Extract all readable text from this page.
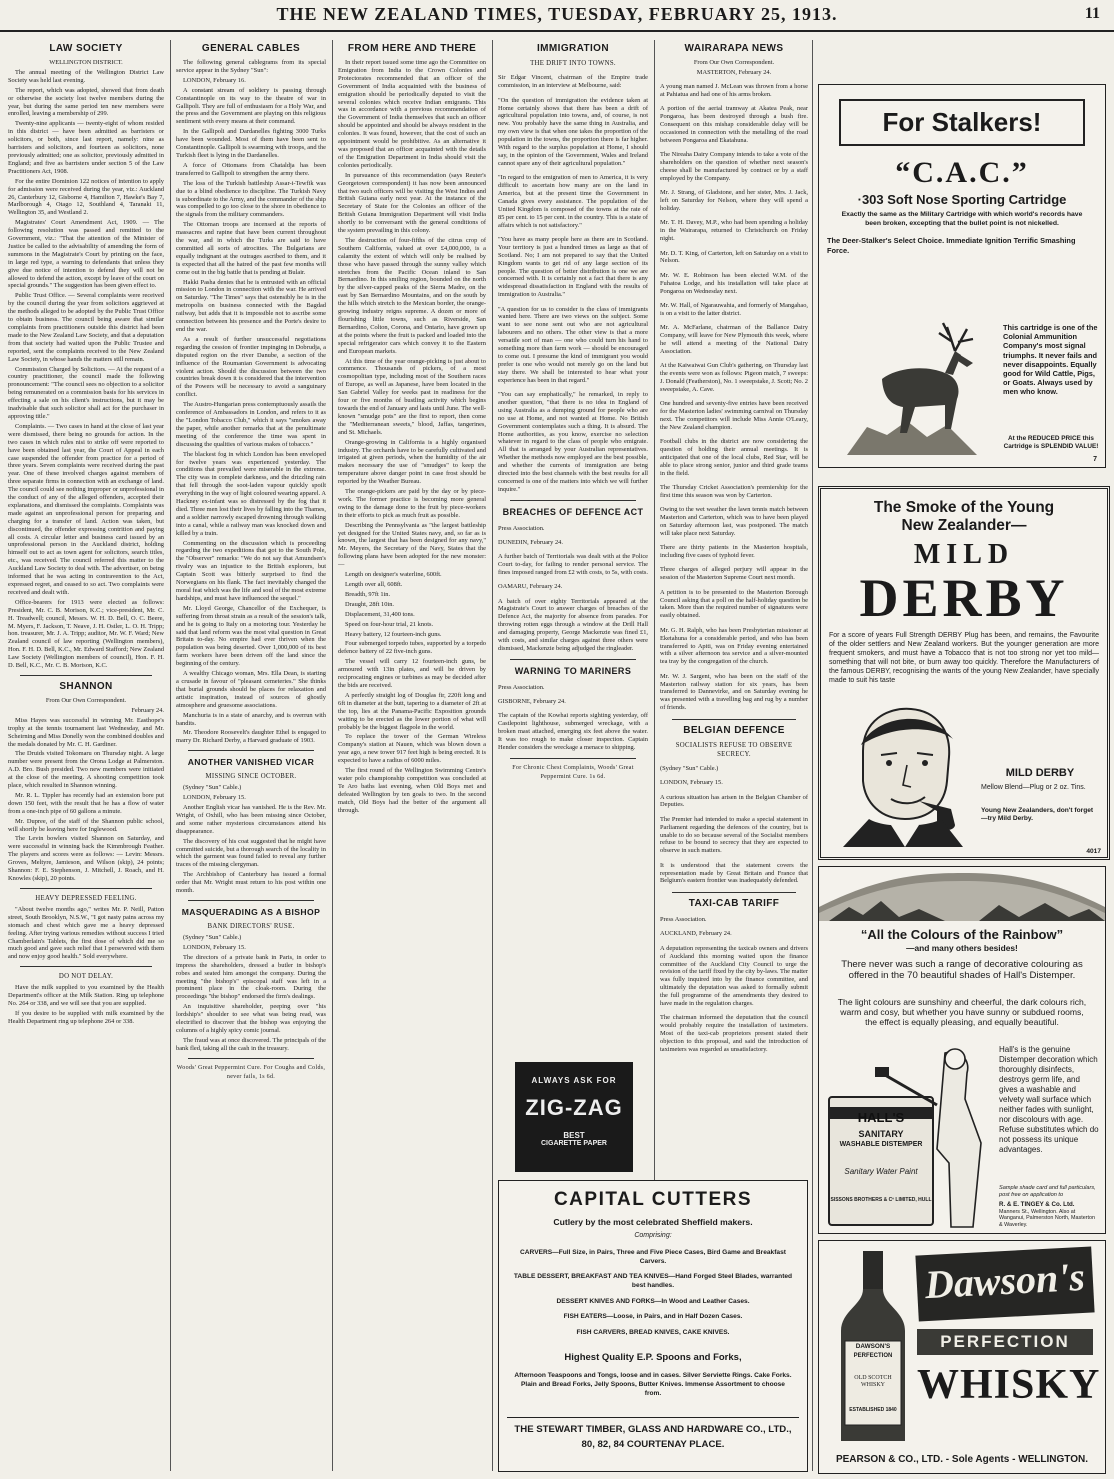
THE NEW ZEALAND TIMES, TUESDAY, FEBRUARY 25, 1913.	11
LAW SOCIETY
WELLINGTON DISTRICT.

The annual meeting of the Wellington District Law Society was held last evening.

The report, which was adopted, showed that from death or otherwise the society lost twelve members during the year, but during the same period ten new members were enrolled, leaving a membership of 299.

Twenty-nine applicants — twenty-eight of whom resided in this district — have been admitted as barristers or solicitors, or both, since last report, namely: nine as barristers and solicitors, and fourteen as solicitors, none previously admitted; one as solicitor, previously admitted in England; and five as barristers under section 5 of the Law Practitioners Act, 1908.

For the entire Dominion 122 notices of intention to apply for admission were received during the year, viz.: Auckland 26, Canterbury 12, Gisborne 4, Hamilton 7, Hawke's Bay 7, Marlborough 4, Otago 12, Southland 4, Taranaki 11, Wellington 35, and Westland 2.

Magistrates' Court Amendment Act, 1909. — The following resolution was passed and remitted to the Government, viz.: "That the attention of the Minister of Justice be called to the advisability of amending the form of summons in the Magistrate's Court by printing on the face, in large red type, a warning to defendants that unless they give due notice of intention to defend they will not be allowed to defend the action, except by leave of the court on special grounds." The suggestion has been given effect to.

Public Trust Office. — Several complaints were received by the council during the year from solicitors aggrieved at the methods alleged to be adopted by the Public Trust Office to obtain business. The council being aware that similar complaints from practitioners outside this district had been made to the New Zealand Law Society, and that a deputation from that society had waited upon the Public Trustee and reported, sent the complaints received to the New Zealand Law Society, in whose hands the matters still remain.

Commission Charged by Solicitors. — At the request of a country practitioner, the council made the following pronouncement: "The council sees no objection to a solicitor being remunerated on a commission basis for his services in effecting a sale on his client's instructions, but it may be inadvisable that such solicitor shall act for the purchaser in approving title."

Complaints. — Two cases in hand at the close of last year were dismissed, there being no grounds for action. In the two cases in which rules nisi to strike off were reported to have been obtained last year, the Court of Appeal in each case suspended the offender from practice for a period of three years. Seven complaints were received during the past year. One of these involved charges against members of three separate firms in connection with an exchange of land. The council could see nothing improper or unprofessional in the conduct of any of the alleged offenders, accepted their explanations, and dismissed the complaints. Complaints was made against an unprofessional person for preparing and charging for a transfer of land. Action was taken, but discontinued, the offender expressing contrition and paying all costs. A circular letter and business card issued by an unprofessional person in the Auckland district, holding himself out to act as town agent for solicitors, search titles, etc., was received. The council referred this matter to the Auckland Law Society to deal with. The advertiser, on being informed that he was acting in contravention to the Act, expressed regret, and ceased to so act. Two complaints were received and dealt with.

Office-bearers for 1913 were elected as follows: President, Mr. C. B. Morison, K.C.; vice-president, Mr. C. H. Treadwell; council, Messrs. W. H. D. Bell, O. C. Beere, M. Myers, F. Jackson, T. Neave, J. H. Ostler, L. O. H. Tripp; hon. treasurer, Mr. J. A. Tripp; auditor, Mr. W. F. Ward; New Zealand council of law reporting (Wellington members), Hon. F. H. D. Bell, K.C., Mr. Edward Stafford; New Zealand Law Society (Wellington members of council), Hon. F. H. D. Bell, K.C., Mr. C. B. Morison, K.C.

SHANNON
From Our Own Correspondent.
February 24.

Miss Hayes was successful in winning Mr. Easthope's trophy at the tennis tournament last Wednesday, and Mr. Scheirning and Miss Donelly won the combined doubles and the medals donated by Mr. C. H. Gardiner.

The Druids visited Tokomaru on Thursday night. A large number were present from the Orona Lodge at Palmerston. A.D. Bro. Bush presided. Two new members were initiated at the close of the meeting. A shooting competition took place, which resulted in Shannon winning.

Mr. R. L. Tippler has recently had an extension bore put down 150 feet, with the result that he has a flow of water from a one-inch pipe of 60 gallons a minute.

Mr. Dupree, of the staff of the Shannon public school, will shortly be leaving here for Inglewood.

The Levin bowlers visited Shannon on Saturday, and were successful in winning back the Kimmbrough Feather. The players and scores were as follows: — Levin: Messrs. Groves, Meltyre, Jamieson, and Wilson (skip), 24 points; Shannon: F. E. Stephenson, J. Mitchell, J. Roach, and H. Knowles (skip), 20 points.

HEAVY DEPRESSED FEELING.

"About twelve months ago," writes Mr. P. Neill, Patton street, South Brooklyn, N.S.W., "I got nasty pains across my stomach and chest which gave me a heavy depressed feeling. After trying various remedies without success I tried Chamberlain's Tablets, the first dose of which did me so much good and gave such relief that I persevered with them and now enjoy good health." Sold everywhere.

DO NOT DELAY.

Have the milk supplied to you examined by the Health Department's officer at the Milk Station. Ring up telephone No. 264 or 338, and we will see that you are supplied.

If you desire to be supplied with milk examined by the Health Department ring up telephone 264 or 338.

GENERAL CABLES

The following general cablegrams from its special service appear in the Sydney "Sun":

LONDON, February 16.

A constant stream of soldiery is passing through Constantinople on its way to the theatre of war in Gallipoli. They are full of enthusiasm for a Holy War, and the press and the Government are playing on this religious sentiment with every means at their command.

In the Gallipoli and Dardanelles fighting 3000 Turks have been wounded. Most of them have been sent to Constantinople. Gallipoli is swarming with troops, and the Turkish fleet is lying in the Dardanelles.

A force of Ottomans from Chataldja has been transferred to Gallipoli to strengthen the army there.

The loss of the Turkish battleship Assar-i-Tewfik was due to a blind obedience to discipline. The Turkish Navy is subordinate to the Army, and the commander of the ship was compelled to go too close to the shore in obedience to the signals from the military commanders.

The Ottoman troops are incensed at the reports of massacres and rapine that have been current throughout the war, and in which the Turks are said to have committed all sorts of atrocities. The Bulgarians are equally indignant at the outrages ascribed to them, and it is expected that all the hatred of the past few months will come out in the big battle that is pending at Bulair.

Hakki Pasha denies that he is entrusted with an official mission to London in connection with the war. He arrived on Saturday. "The Times" says that ostensibly he is in the metropolis on business connected with the Bagdad railway, but adds that it is impossible not to ascribe some connection between his presence and the Porte's desire to end the war.

As a result of further unsuccessful negotiations regarding the cession of frontier impinging in Dobrudja, a disputed region on the river Danube, a section of the influence of the Roumanian Government is advocating violent action. Should the discussion between the two countries break down it is considered that the intervention of the Powers will be necessary to avoid a sanguinary conflict.

The Austro-Hungarian press contemptuously assails the conference of Ambassadors in London, and refers to it as the "London Tobacco Club," which it says "smokes away the paper, while another remarks that at the penultimate meeting of the conference the time was spent in discussing the qualities of various makes of tobacco."

The blackest fog in which London has been enveloped for twelve years was experienced yesterday. The conditions that prevailed were miserable in the extreme. The city was in complete darkness, and the drizzling rain that fell through the soot-laden vapour quickly spoilt everything in the way of light coloured wearing apparel. A Hackney ex-infant was so distressed by the fog that it died. Three men lost their lives by falling into the Thames, and a soldier narrowly escaped drowning through walking into a canal, while a railway man was knocked down and killed by a train.

Commenting on the discussion which is proceeding regarding the two expeditions that got to the South Pole, the "Observer" remarks: "We do not say that Amundsen's rivalry was an injustice to the British explorers, but Captain Scott was bitterly surprised to find the Norwegians on his flank. The fact inevitably changed the moral feat which was the life and soul of the most extreme hardships, and must have influenced the sequel."

Mr. Lloyd George, Chancellor of the Exchequer, is suffering from throat strain as a result of the session's talk, and he is going to Italy on a motoring tour. Yesterday he said that land reform was the most vital question in Great Britain to-day. No empire had ever thriven when the population was being deserted. Over 1,000,000 of its best farm workers have been driven off the land since the beginning of the century.

A wealthy Chicago woman, Mrs. Ella Dean, is starting a crusade in favour of "pleasant cemeteries." She thinks that burial grounds should be places for relaxation and artistic inspiration, instead of sources of ghostly atmosphere and gruesome associations.

Manchuria is in a state of anarchy, and is overrun with bandits.

Mr. Theodore Roosevelt's daughter Ethel is engaged to marry Dr. Richard Derby, a Harvard graduate of 1903.

ANOTHER VANISHED VICAR
MISSING SINCE OCTOBER.

(Sydney "Sun" Cable.)

LONDON, February 15.

Another English vicar has vanished. He is the Rev. Mr. Wright, of Oxhill, who has been missing since October, and some rather mysterious circumstances attend his disappearance.

The discovery of his coat suggested that he might have committed suicide, but a thorough search of the locality in which the garment was found failed to reveal any further traces of the missing clergyman.

The Archbishop of Canterbury has issued a formal order that Mr. Wright must return to his post within one month.

MASQUERADING AS A BISHOP
BANK DIRECTORS' RUSE.

(Sydney "Sun" Cable.)

LONDON, February 15.

The directors of a private bank in Paris, in order to impress the shareholders, dressed a butler in bishop's robes and seated him amongst the company. During the meeting "the bishop's" episcopal staff was left in a prominent place in the cloak-room. During the proceedings "the bishop" endorsed the firm's dealings.

An inquisitive shareholder, peeping over "his lordship's" shoulder to see what was being read, was electrified to discover that the bishop was enjoying the columns of a highly spicy comic journal.

The fraud was at once discovered. The principals of the bank fled, taking all the cash in the treasury.

Woods' Great Peppermint Cure. For Coughs and Colds, never fails, 1s 6d.
FROM HERE AND THERE

In their report issued some time ago the Committee on Emigration from India to the Crown Colonies and Protectorates recommended that an officer of the Government of India acquainted with the business of emigration should be periodically deputed to visit the several colonies which receive Indian emigrants. This was in accordance with a previous recommendation of the Government of India themselves that such an officer should be appointed and should be always resident in the colonies. It was found, however, that the cost of such an appointment would be prohibitive. As an alternative it was proposed that an officer acquainted with the details of the Emigration Department in India should visit the colonies periodically.

In pursuance of this recommendation (says Reuter's Georgetown correspondent) it has now been announced that two such officers will be visiting the West Indies and British Guiana early next year. At the instance of the Secretary of State for the Colonies an officer of the British Guiana Immigration Department will visit India shortly to be conversant with the general conditions of the system prevailing in this colony.

The destruction of four-fifths of the citrus crop of Southern California, valued at over £4,000,000, is a calamity the extent of which will only be realised by those who have passed through the sunny valley which stretches from the Pacific Ocean inland to San Bernardino. In this smiling region, bounded on the north by the silver-capped peaks of the Sierra Madre, on the east by San Bernardino Mountains, and on the south by the hills which stretch to the Mexican border, the orange-growing industry reigns supreme. A dozen or more of flourishing little towns, such as Riverside, San Bernardino, Colton, Corona, and Ontario, have grown up at the points where the fruit is packed and loaded into the special refrigerator cars which convey it to the Eastern and European markets.

At this time of the year orange-picking is just about to commence. Thousands of pickers, of a most cosmopolitan type, including most of the Southern races of Europe, as well as Japanese, have been located in the San Gabriel Valley for weeks past in readiness for the four or five months of bustling activity which begins towards the end of January and lasts until June. The well-known "smudge pots" are the first to report, then come the "Mediterranean sweets," blood, Jaffas, tangerines, and St. Michaels.

Orange-growing in California is a highly organised industry. The orchards have to be carefully cultivated and irrigated at given periods, when the humidity of the air makes necessary the use of "smudges" to keep the temperature above danger point in case frost should be reported by the Weather Bureau.

The orange-pickers are paid by the day or by piece-work. The former practice is becoming more general owing to the damage done to the fruit by piece-workers in their efforts to pick as much fruit as possible.

Describing the Pennsylvania as "the largest battleship yet designed for the United States navy, and, so far as is known, the largest that has been designed for any navy," Mr. Meyers, the Secretary of the Navy, States that the following plans have been adopted for the new monster: —

Length on designer's waterline, 600ft.

Length over all, 608ft.

Breadth, 97ft 1in.

Draught, 28ft 10in.

Displacement, 31,400 tons.

Speed on four-hour trial, 21 knots.

Heavy battery, 12 fourteen-inch guns.

Four submerged torpedo tubes, supported by a torpedo defence battery of 22 five-inch guns.

The vessel will carry 12 fourteen-inch guns, be armoured with 13in plates, and will be driven by reciprocating engines or turbines as may be decided after the bids are received.

A perfectly straight log of Douglas fir, 220ft long and 6ft in diameter at the butt, tapering to a diameter of 2ft at the top, lies at the Panama-Pacific Exposition grounds waiting to be erected as the lower portion of what will probably be the biggest flagpole in the world.

To replace the tower of the German Wireless Company's station at Nauen, which was blown down a year ago, a new tower 917 feet high is being erected. It is expected to have a radius of 6000 miles.

The first round of the Wellington Swimming Centre's water polo championship competition was concluded at Te Aro baths last evening, when Old Boys met and defeated Wellington by ten goals to two. In the second match, Old Boys had the better of the argument all through.

IMMIGRATION
THE DRIFT INTO TOWNS.

Sir Edgar Vincent, chairman of the Empire trade commission, in an interview at Melbourne, said:

"On the question of immigration the evidence taken at Home certainly shows that there has been a drift of agricultural population into towns, and, of course, is not new. You probably have the same thing in Australia, and my own view is that when one takes the proportion of the population in the towns, the proportion there is far higher. With regard to the surplus population at Home, I should say, in the opinion of the Government, Wales and Ireland cannot spare any of their agricultural population."

"In regard to the emigration of men to America, it is very difficult to ascertain how many are on the land in America, but at the present time the Government in Canada gives every assistance. The population of the United Kingdom is composed of the towns at the rate of 85 per cent. to 15 per cent. in the country. This is a state of affairs which is not satisfactory."

"You have as many people here as there are in Scotland. Your territory is just a hundred times as large as that of Scotland. No; I am not prepared to say that the United Kingdom wants to get rid of any large section of its people. The question of better distribution is one we are concerned with. It is certainly not a fact that there is any widespread dissatisfaction in England with the results of immigration to Australia."

"A question for us to consider is the class of immigrants wanted here. There are two views on the subject. Some want to see none sent out who are not agricultural labourers and no others. The other view is that a more versatile sort of man — one who could turn his hand to something more than farm work — should be encouraged to come out. I presume the kind of immigrant you would prefer is one who would not merely go on the land but stay there. We shall be interested to hear what your experience has been in that regard."

"You can say emphatically," he remarked, in reply to another question, "that there is no idea in England of using Australia as a dumping ground for people who are no use at Home, and not wanted at Home. No British Government contemplates such a thing. It is absurd. The Home authorities, as you know, exercise no selection whatever in regard to the class of people who emigrate. All that is arranged by your Australian representatives. Whether the methods now employed are the best possible, and whether the currents of immigration are being directed into the best channels with the best results for all concerned is one of the matters into which we will further inquire."

BREACHES OF DEFENCE ACT

Press Association.

DUNEDIN, February 24.

A further batch of Territorials was dealt with at the Police Court to-day, for failing to render personal service. The fines imposed ranged from £2 with costs, to 5s, with costs.

OAMARU, February 24.

A batch of over eighty Territorials appeared at the Magistrate's Court to answer charges of breaches of the Defence Act, the majority for absence from parades. For throwing rotten eggs through a window at the Drill Hall and damaging property, George Mackenzie was fined £1, with costs, and similar charges against three others were dismissed, Mackenzie being adjudged the ringleader.

WARNING TO MARINERS

Press Association.

GISBORNE, February 24.

The captain of the Kowhai reports sighting yesterday, off Castlepoint lighthouse, submerged wreckage, with a broken mast attached, emerging six feet above the water. It was too rough to make closer inspection. Captain Hender considers the wreckage a menace to shipping.

For Chronic Chest Complaints, Woods' Great Peppermint Cure. 1s 6d.
ALWAYS ASK FOR
ZIG-ZAG
BEST
CIGARETTE PAPER
WAIRARAPA NEWS
From Our Own Correspondent.
MASTERTON, February 24.

A young man named J. McLean was thrown from a horse at Pahiatua and had one of his arms broken.

A portion of the aerial tramway at Akatea Peak, near Pongaroa, has been destroyed through a bush fire. Consequent on this mishap considerable delay will be occasioned in connection with the metalling of the road between Pongaroa and Ekatahuna.

The Nireaha Dairy Company intends to take a vote of the shareholders on the question of whether next season's cheese shall be manufactured by contract or by a staff employed by the Company.

Mr. J. Strang, of Gladstone, and her sister, Mrs. J. Jack, left on Saturday for Nelson, where they will spend a holiday.

Mr. T. H. Davey, M.P., who had been spending a holiday in the Wairarapa, returned to Christchurch on Friday night.

Mr. D. T. King, of Carterton, left on Saturday on a visit to Nelson.

Mr. W. E. Robinson has been elected W.M. of the Fuhatoa Lodge, and his installation will take place at Pongaroa on Wednesday next.

Mr. W. Hall, of Ngarauwahia, and formerly of Mangahao, is on a visit to the latter district.

Mr. A. McFarlane, chairman of the Ballance Dairy Company, will leave for New Plymouth this week, where he will attend a meeting of the National Dairy Association.

At the Kaiwaiwai Gun Club's gathering, on Thursday last the events were won as follows: Pigeon match, 7 sweeps: J. Donald (Featherston), No. 1 sweepstake, J. Scott; No. 2 sweepstake, A. Cave.

One hundred and seventy-five entries have been received for the Masterton ladies' swimming carnival on Thursday next. The competitors will include Miss Annie O'Leary, the New Zealand champion.

Football clubs in the district are now considering the question of holding their annual meetings. It is anticipated that one of the local clubs, Red Star, will be able to place strong senior, junior and third grade teams in the field.

The Thursday Cricket Association's premiership for the first time this season was won by Carterton.

Owing to the wet weather the lawn tennis match between Masterton and Carterton, which was to have been played on Saturday afternoon last, was postponed. The match will take place next Saturday.

There are thirty patients in the Masterton hospitals, including five cases of typhoid fever.

Three charges of alleged perjury will appear in the session of the Masterton Supreme Court next month.

A petition is to be presented to the Masterton Borough Council asking that a poll on the half-holiday question be taken. More than the required number of signatures were easily obtained.

Mr. G. H. Ralph, who has been Presbyterian missioner at Eketahuna for a considerable period, and who has been transferred to Apiti, was on Friday evening entertained with a silver afternoon tea service and a silver-mounted tea tray by the congregation of the church.

Mr. W. J. Sargent, who has been on the staff of the Masterton railway station for six years, has been transferred to Dannevirke, and on Saturday evening he was presented with a travelling bag and rug by a number of friends.

BELGIAN DEFENCE
SOCIALISTS REFUSE TO OBSERVE SECRECY.

(Sydney "Sun" Cable.)

LONDON, February 15.

A curious situation has arisen in the Belgian Chamber of Deputies.

The Premier had intended to make a special statement in Parliament regarding the defences of the country, but is unable to do so because several of the Socialist members refuse to be bound to secrecy that they are expected to observe in such matters.

It is understood that the statement covers the representation made by Great Britain and France that Belgium's eastern frontier was inadequately defended.

TAXI-CAB TARIFF

Press Association.

AUCKLAND, February 24.

A deputation representing the taxicab owners and drivers of Auckland this morning waited upon the finance committee of the Auckland City Council to urge the revision of the tariff fixed by the city by-laws. The matter was fully inquired into by the finance committee, and ultimately the deputation was asked to formally submit the full programme of the amendments they desired to have made in the regulation charges.

The chairman informed the deputation that the council would probably require the installation of taximeters. Most of the taxi-cab proprietors present stated their objection to this proposal, and said the introduction of taximeters was regarded as unsatisfactory.

CAPITAL CUTTERS
Cutlery by the most celebrated Sheffield makers.
Comprising:

CARVERS—Full Size, in Pairs, Three and Five Piece Cases, Bird Game and Breakfast Carvers.

TABLE DESSERT, BREAKFAST AND TEA KNIVES—Hand Forged Steel Blades, warranted best handles.

DESSERT KNIVES AND FORKS—In Wood and Leather Cases.

FISH EATERS—Loose, in Pairs, and in Half Dozen Cases.

FISH CARVERS, BREAD KNIVES, CAKE KNIVES.

Highest Quality E.P. Spoons and Forks,

Afternoon Teaspoons and Tongs, loose and in cases. Silver Serviette Rings. Cake Forks. Plain and Bread Forks, Jelly Spoons, Butter Knives. Immense Assortment to choose from.

THE STEWART TIMBER, GLASS AND HARDWARE CO., LTD.,
80, 82, 84 COURTENAY PLACE.
For Stalkers!
“C.A.C.”
·303 Soft Nose Sporting Cartridge
Exactly the same as the Military Cartridge with which world's records have been broken, excepting that the bullet point is not nickelled.
The Deer-Stalker's Select Choice. Immediate Ignition Terrific Smashing Force.
This cartridge is one of the Colonial Ammunition Company's most signal triumphs. It never fails and never disappoints. Equally good for Wild Cattle, Pigs, or Goats. Always used by men who know.
At the REDUCED PRICE this Cartridge is SPLENDID VALUE!
7
The Smoke of the Young
New Zealander—
MILD
DERBY
For a score of years Full Strength DERBY Plug has been, and remains, the Favourite of the older settlers and New Zealand workers. But the younger generation are more frequent smokers, and must have a Tobacco that is not too strong nor yet too mild—something that will not bite, or burn away too quickly. Therefore the Manufacturers of the famous DERBY, recognising the wants of the young New Zealander, have specially made to suit his taste
MILD DERBY
Mellow Blend—Plug or 2 oz. Tins.
Young New Zealanders, don't forget—try Mild Derby.
4017
“All the Colours of the Rainbow”
—and many others besides!
There never was such a range of decorative colouring as offered in the 70 beautiful shades of Hall's Distemper.
The light colours are sunshiny and cheerful, the dark colours rich, warm and cosy, but whether you have sunny or subdued rooms, the effect is equally pleasing, and equally beautiful.
HALL'S
SANITARY
WASHABLE DISTEMPER
Sanitary Water Paint
SISSONS BROTHERS & Cº LIMITED, HULL
Hall's is the genuine Distemper decoration which thoroughly disinfects, destroys germ life, and gives a washable and velvety wall surface which neither fades with sunlight, nor discolours with age. Refuse substitutes which do not possess its unique advantages.
Sample shade card and full particulars, post free on application to
R. & E. TINGEY & Co. Ltd.
Manners St., Wellington. Also at Wanganui, Palmerston North, Masterton & Waverley.
Dawson's
PERFECTION
WHISKY
DAWSON'S
PERFECTION
OLD SCOTCH WHISKY
ESTABLISHED 1840
PEARSON & CO., LTD. - Sole Agents - WELLINGTON.
